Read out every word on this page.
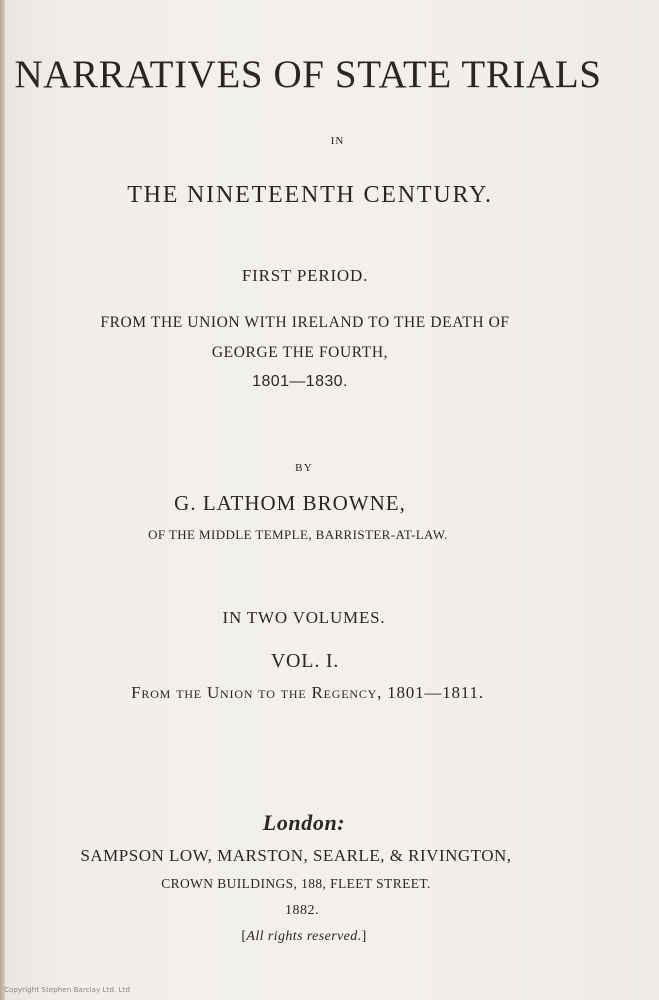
NARRATIVES OF STATE TRIALS

IN

THE NINETEENTH CENTURY.

FIRST PERIOD.

FROM THE UNION WITH IRELAND TO THE DEATH OF

GEORGE THE FOURTH,

1801—1830.

BY

G. LATHOM BROWNE,

OF THE MIDDLE TEMPLE, BARRISTER-AT-LAW.

IN TWO VOLUMES.

VOL. I.

From the Union to the Regency, 1801—1811.

London:

SAMPSON LOW, MARSTON, SEARLE, & RIVINGTON,

CROWN BUILDINGS, 188, FLEET STREET.

1882.

[All rights reserved.]

Copyright Stephen Barclay Ltd. Ltd
